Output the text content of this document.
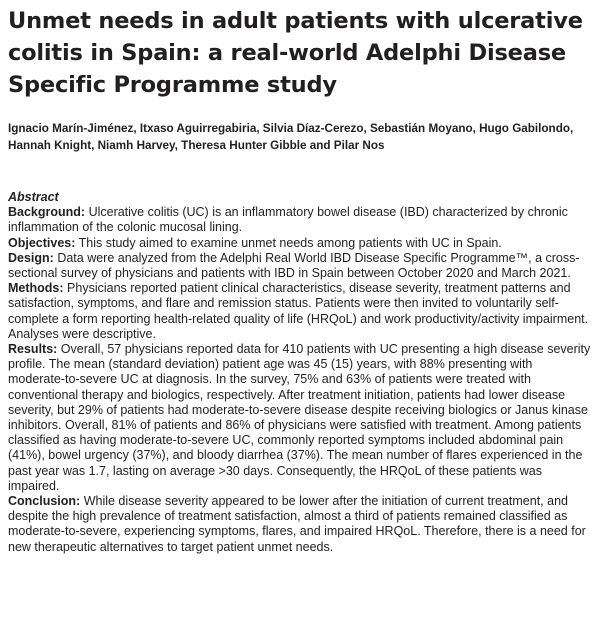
Unmet needs in adult patients with ulcerative colitis in Spain: a real-world Adelphi Disease Specific Programme study

Ignacio Marín-Jiménez, Itxaso Aguirregabiria, Silvia Díaz-Cerezo, Sebastián Moyano, Hugo Gabilondo, Hannah Knight, Niamh Harvey, Theresa Hunter Gibble and Pilar Nos

Abstract

Background: Ulcerative colitis (UC) is an inflammatory bowel disease (IBD) characterized by chronic inflammation of the colonic mucosal lining.

Objectives: This study aimed to examine unmet needs among patients with UC in Spain.

Design: Data were analyzed from the Adelphi Real World IBD Disease Specific Programme™, a cross-sectional survey of physicians and patients with IBD in Spain between October 2020 and March 2021.

Methods: Physicians reported patient clinical characteristics, disease severity, treatment patterns and satisfaction, symptoms, and flare and remission status. Patients were then invited to voluntarily self-complete a form reporting health-related quality of life (HRQoL) and work productivity/activity impairment. Analyses were descriptive.

Results: Overall, 57 physicians reported data for 410 patients with UC presenting a high disease severity profile. The mean (standard deviation) patient age was 45 (15) years, with 88% presenting with moderate-to-severe UC at diagnosis. In the survey, 75% and 63% of patients were treated with conventional therapy and biologics, respectively. After treatment initiation, patients had lower disease severity, but 29% of patients had moderate-to-severe disease despite receiving biologics or Janus kinase inhibitors. Overall, 81% of patients and 86% of physicians were satisfied with treatment. Among patients classified as having moderate-to-severe UC, commonly reported symptoms included abdominal pain (41%), bowel urgency (37%), and bloody diarrhea (37%). The mean number of flares experienced in the past year was 1.7, lasting on average >30 days. Consequently, the HRQoL of these patients was impaired.

Conclusion: While disease severity appeared to be lower after the initiation of current treatment, and despite the high prevalence of treatment satisfaction, almost a third of patients remained classified as moderate-to-severe, experiencing symptoms, flares, and impaired HRQoL. Therefore, there is a need for new therapeutic alternatives to target patient unmet needs.
